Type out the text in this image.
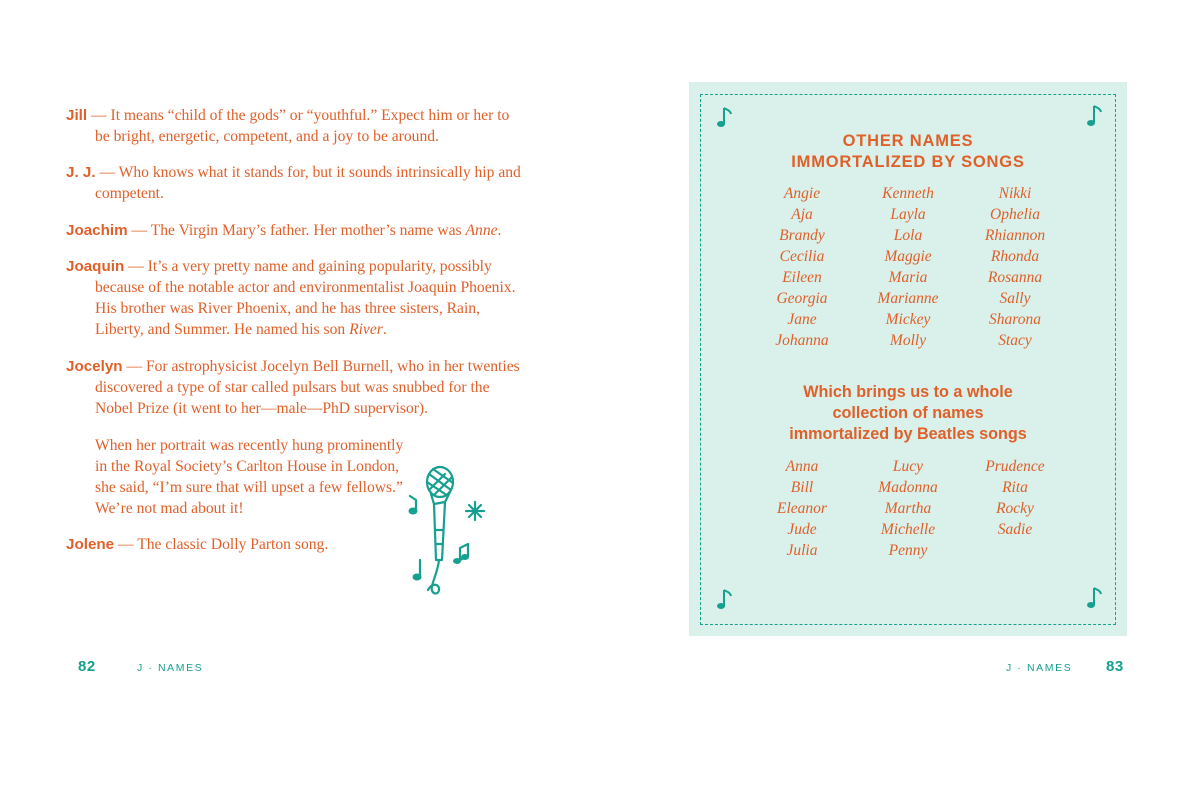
Jill — It means “child of the gods” or “youthful.” Expect him or her to be bright, energetic, competent, and a joy to be around.

J. J. — Who knows what it stands for, but it sounds intrinsically hip and competent.

Joachim — The Virgin Mary’s father. Her mother’s name was Anne.

Joaquin — It’s a very pretty name and gaining popularity, possibly because of the notable actor and environmentalist Joaquin Phoenix. His brother was River Phoenix, and he has three sisters, Rain, Liberty, and Summer. He named his son River.

Jocelyn — For astrophysicist Jocelyn Bell Burnell, who in her twenties discovered a type of star called pulsars but was snubbed for the Nobel Prize (it went to her—male—PhD supervisor).

When her portrait was recently hung prominently in the Royal Society’s Carlton House in London, she said, “I’m sure that will upset a few fellows.” We’re not mad about it!

Jolene — The classic Dolly Parton song.

82	J · NAMES
OTHER NAMES
IMMORTALIZED BY SONGS
Angie
Aja
Brandy
Cecilia
Eileen
Georgia
Jane
Johanna
Kenneth
Layla
Lola
Maggie
Maria
Marianne
Mickey
Molly
Nikki
Ophelia
Rhiannon
Rhonda
Rosanna
Sally
Sharona
Stacy
Which brings us to a whole
collection of names
immortalized by Beatles songs
Anna
Bill
Eleanor
Jude
Julia
Lucy
Madonna
Martha
Michelle
Penny
Prudence
Rita
Rocky
Sadie
J · NAMES 83
